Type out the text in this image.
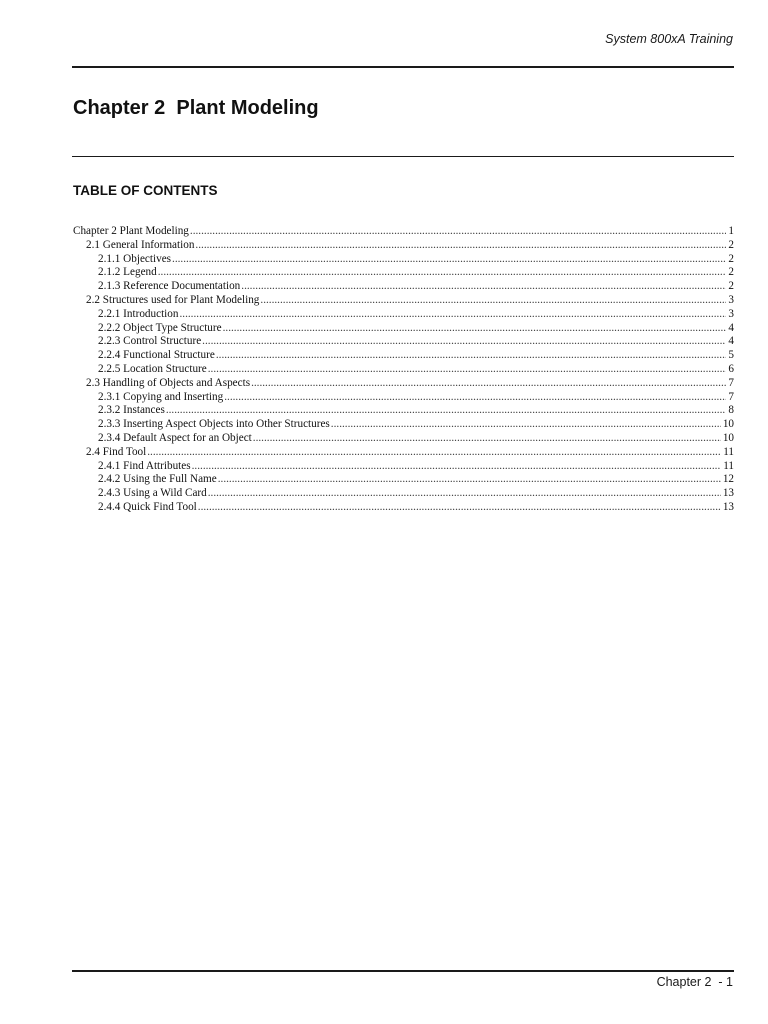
System 800xA Training
Chapter 2  Plant Modeling
TABLE OF CONTENTS
Chapter 2 Plant Modeling .....	1
2.1 General Information .....	2
2.1.1 Objectives .....	2
2.1.2 Legend .....	2
2.1.3 Reference Documentation .....	2
2.2 Structures used for Plant Modeling .....	3
2.2.1 Introduction .....	3
2.2.2 Object Type Structure .....	4
2.2.3 Control Structure .....	4
2.2.4 Functional Structure .....	5
2.2.5 Location Structure .....	6
2.3 Handling of Objects and Aspects .....	7
2.3.1 Copying and Inserting .....	7
2.3.2 Instances .....	8
2.3.3 Inserting Aspect Objects into Other Structures .....	10
2.3.4 Default Aspect for an Object .....	10
2.4 Find Tool .....	11
2.4.1 Find Attributes .....	11
2.4.2 Using the Full Name .....	12
2.4.3 Using a Wild Card .....	13
2.4.4 Quick Find Tool .....	13
Chapter 2  - 1
